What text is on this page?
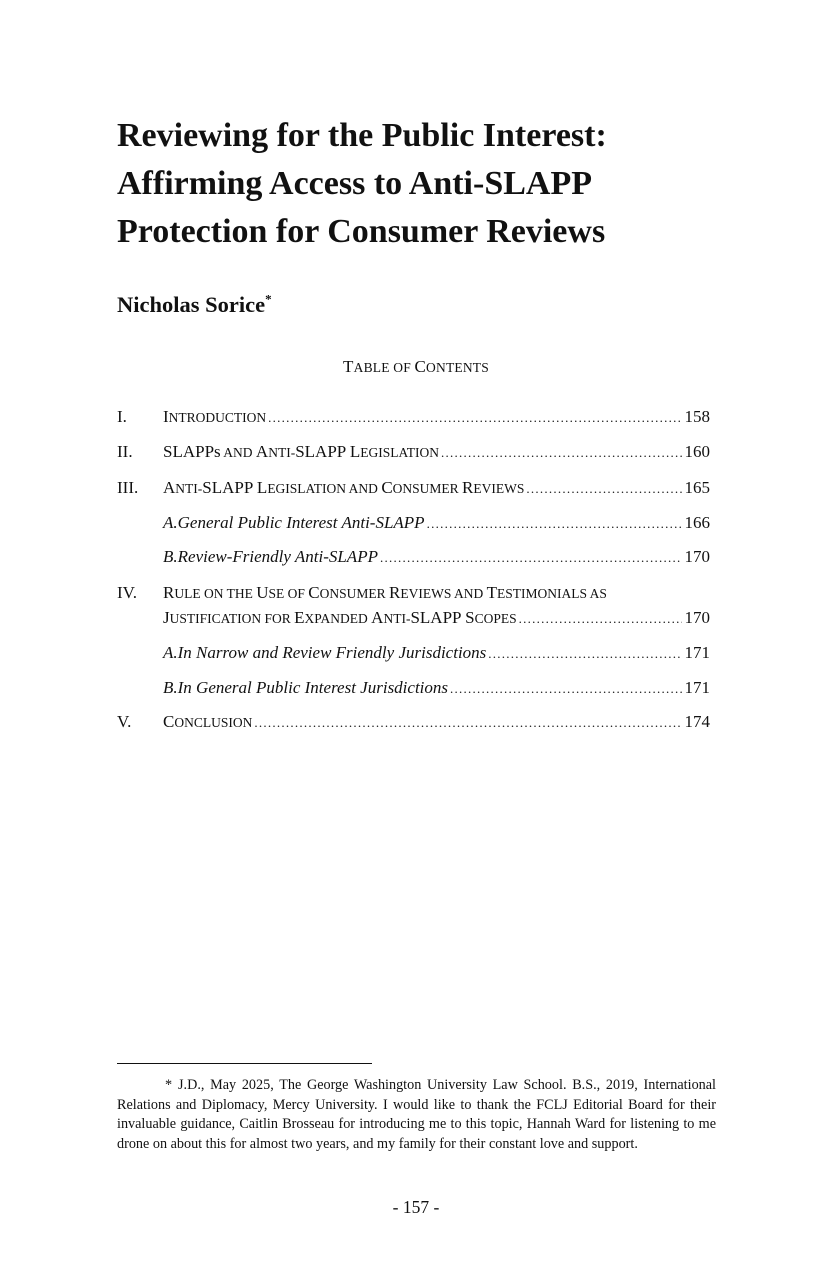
Reviewing for the Public Interest:
Affirming Access to Anti-SLAPP
Protection for Consumer Reviews
Nicholas Sorice*
TABLE OF CONTENTS
I. INTRODUCTION . . .	158
II. SLAPPs AND ANTI-SLAPP LEGISLATION . . .	160
III. ANTI-SLAPP LEGISLATION AND CONSUMER REVIEWS . . .	165
A. General Public Interest Anti-SLAPP . . .	166
B. Review-Friendly Anti-SLAPP . . .	170
IV. RULE ON THE USE OF CONSUMER REVIEWS AND TESTIMONIALS AS
JUSTIFICATION FOR EXPANDED ANTI-SLAPP SCOPES . . .	170
A. In Narrow and Review Friendly Jurisdictions . . .	171
B. In General Public Interest Jurisdictions . . .	171
V. CONCLUSION . . .	174
* J.D., May 2025, The George Washington University Law School. B.S., 2019, International Relations and Diplomacy, Mercy University. I would like to thank the FCLJ Editorial Board for their invaluable guidance, Caitlin Brosseau for introducing me to this topic, Hannah Ward for listening to me drone on about this for almost two years, and my family for their constant love and support.
- 157 -
